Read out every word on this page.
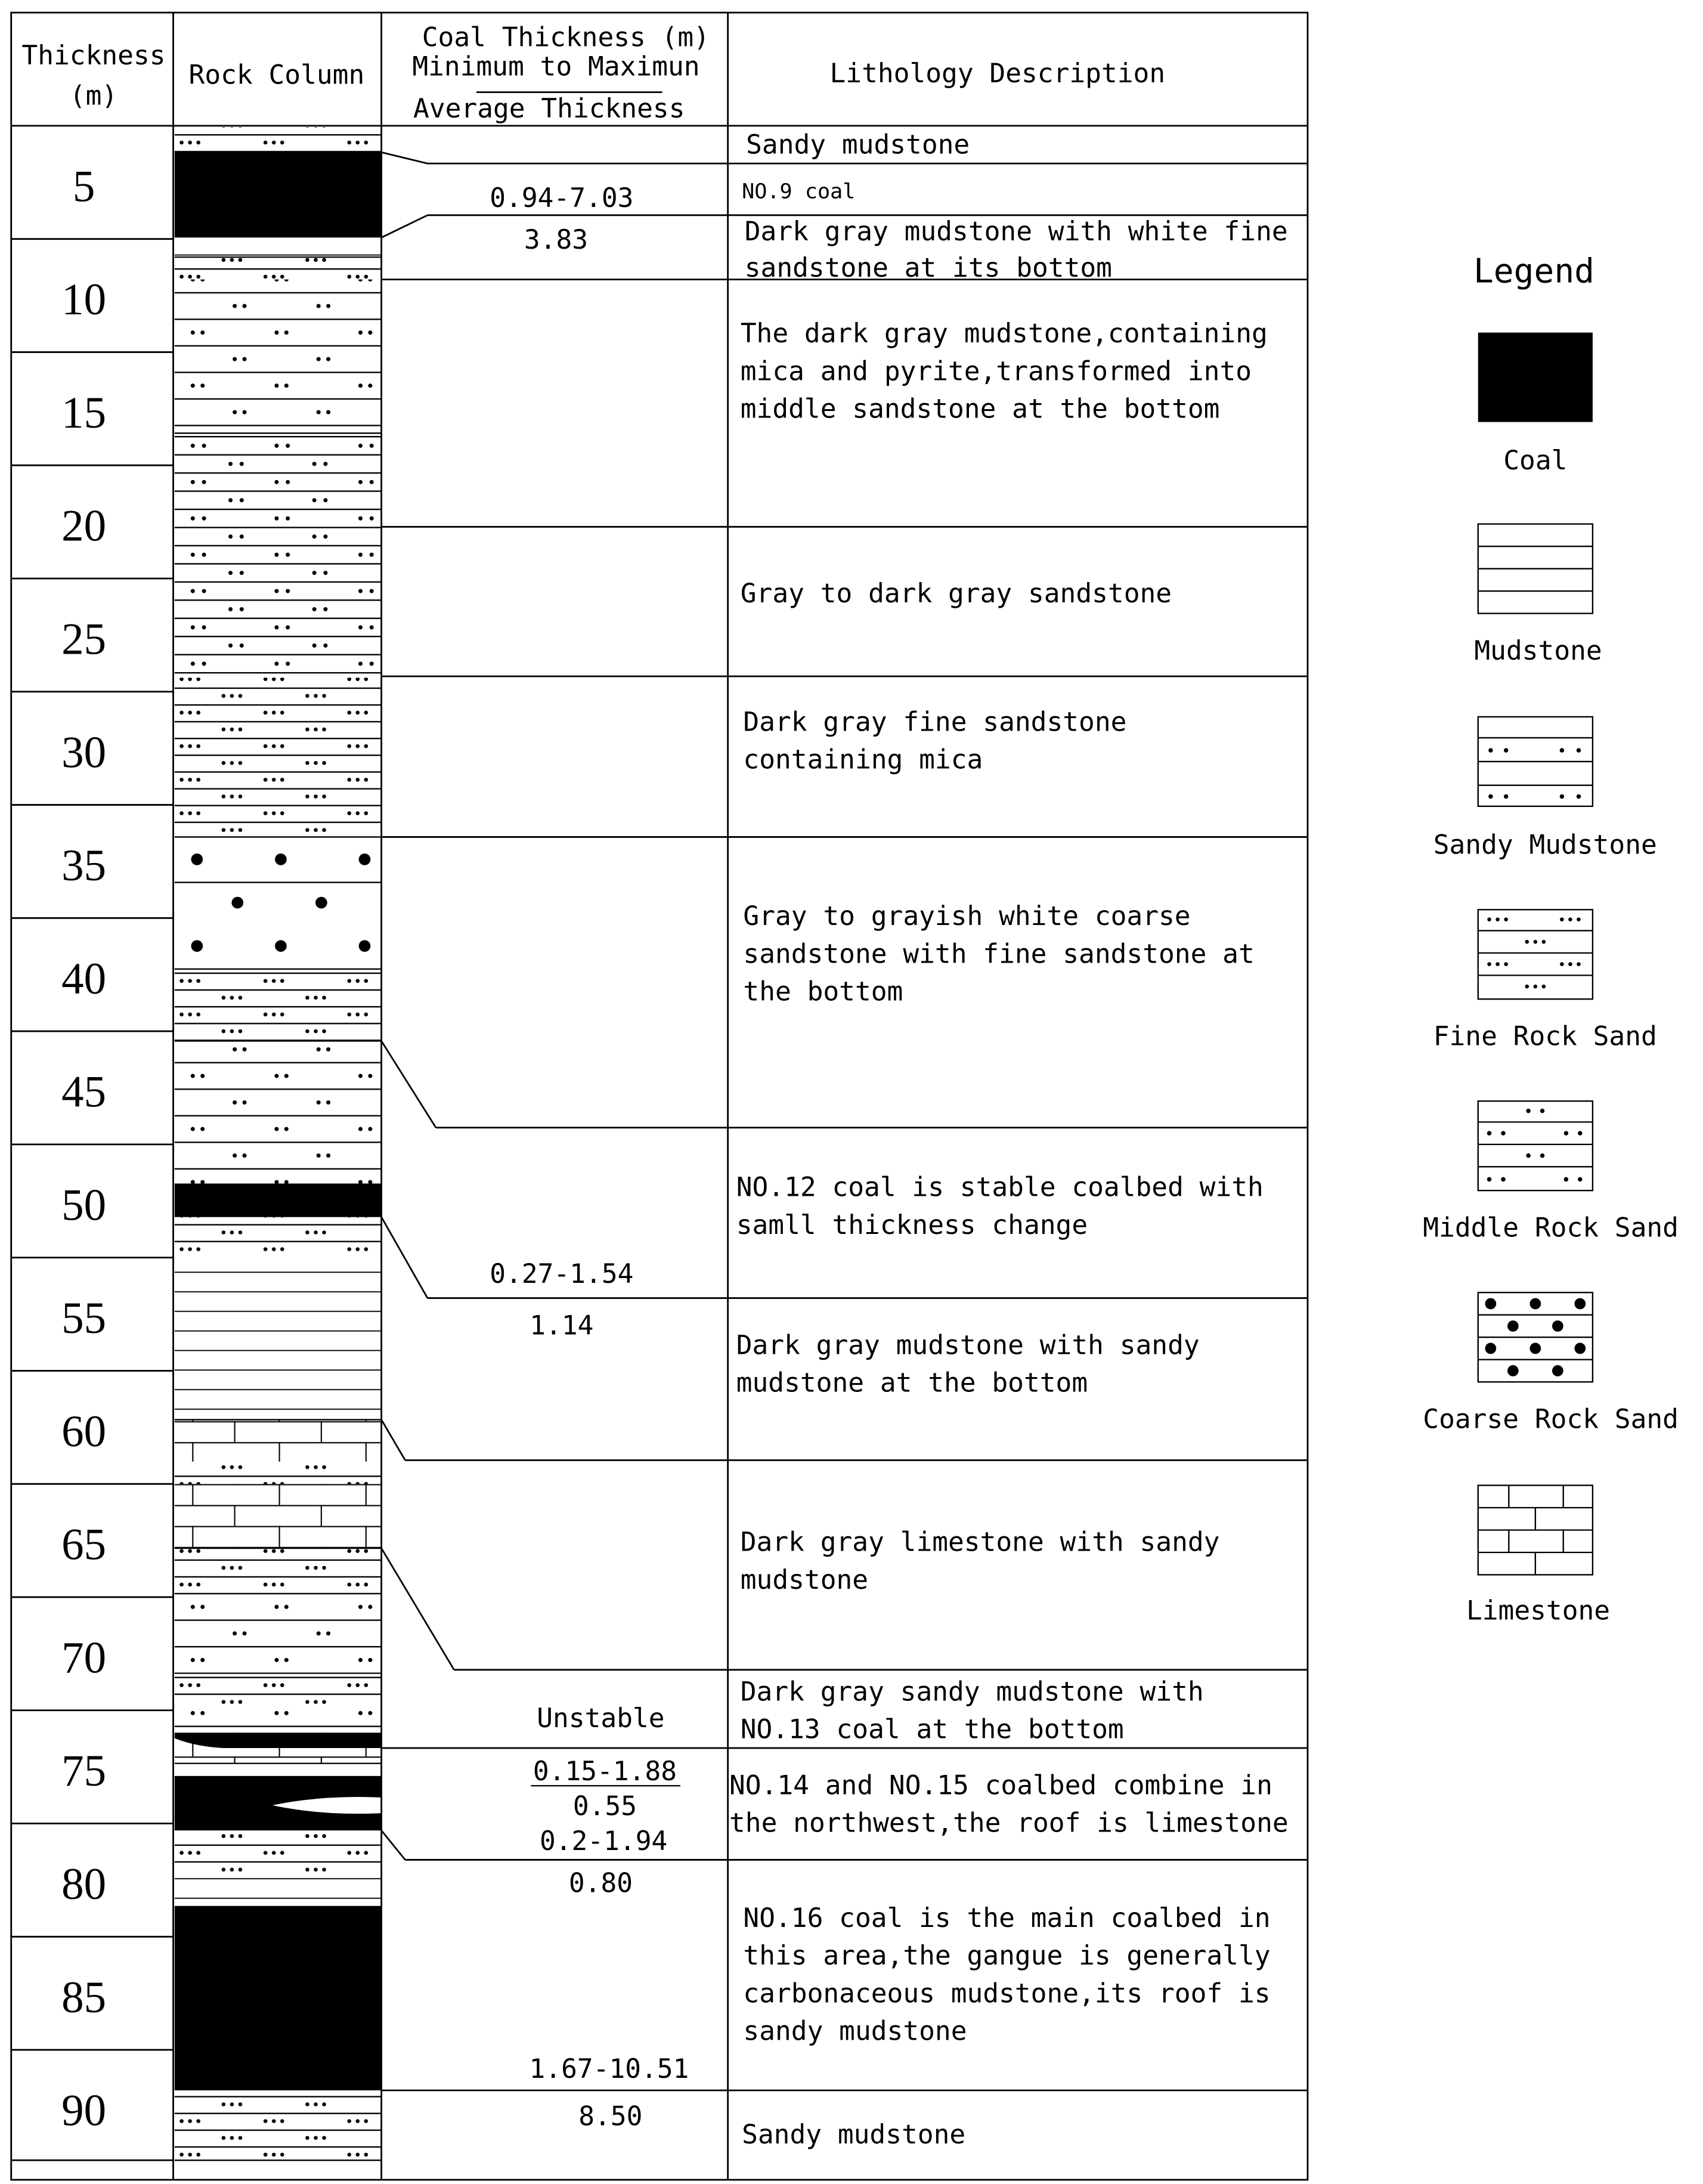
Thickness
(m)
Rock Column
Coal Thickness (m)
Minimum to Maximun
Average Thickness
Lithology Description
5
10
15
20
25
30
35
40
45
50
55
60
65
70
75
80
85
90
0.94-7.03
3.83
0.27-1.54
1.14
Unstable
0.15-1.88
0.55
0.2-1.94
0.80
1.67-10.51
8.50
Sandy mudstone
NO.9 coal
Dark gray mudstone with white fine
sandstone at its bottom
The dark gray mudstone,containing
mica and pyrite,transformed into
middle sandstone at the bottom
Gray to dark gray sandstone
Dark gray fine sandstone
containing mica
Gray to grayish white coarse
sandstone with fine sandstone at
the bottom
NO.12 coal is stable coalbed with
samll thickness change
Dark gray mudstone with sandy
mudstone at the bottom
Dark gray limestone with sandy
mudstone
Dark gray sandy mudstone with
NO.13 coal at the bottom
NO.14 and NO.15 coalbed combine in
the northwest,the roof is limestone
NO.16 coal is the main coalbed in
this area,the gangue is generally
carbonaceous mudstone,its roof is
sandy mudstone
Sandy mudstone
Legend
Coal
Mudstone
Sandy Mudstone
Fine Rock Sand
Middle Rock Sand
Coarse Rock Sand
Limestone
